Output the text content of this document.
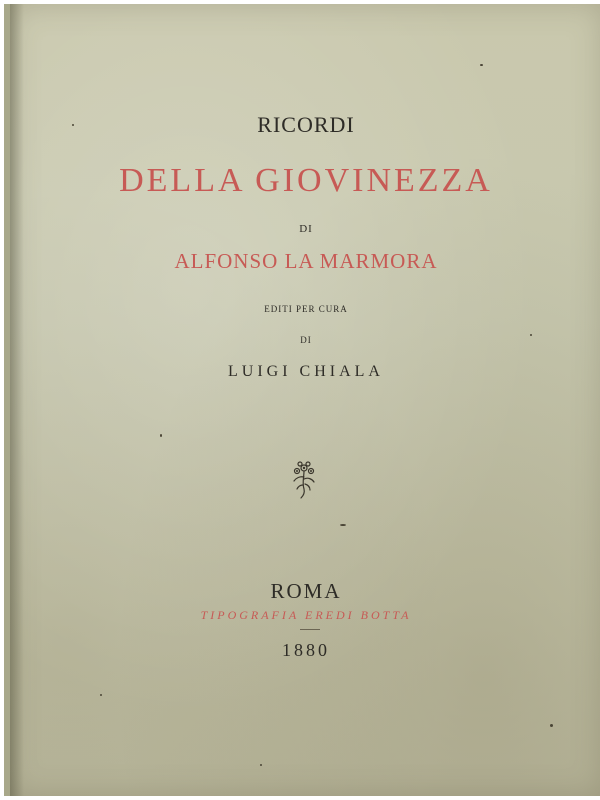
RICORDI
DELLA GIOVINEZZA
DI
ALFONSO LA MARMORA
EDITI PER CURA
DI
LUIGI CHIALA
ROMA
TIPOGRAFIA EREDI BOTTA
1880
